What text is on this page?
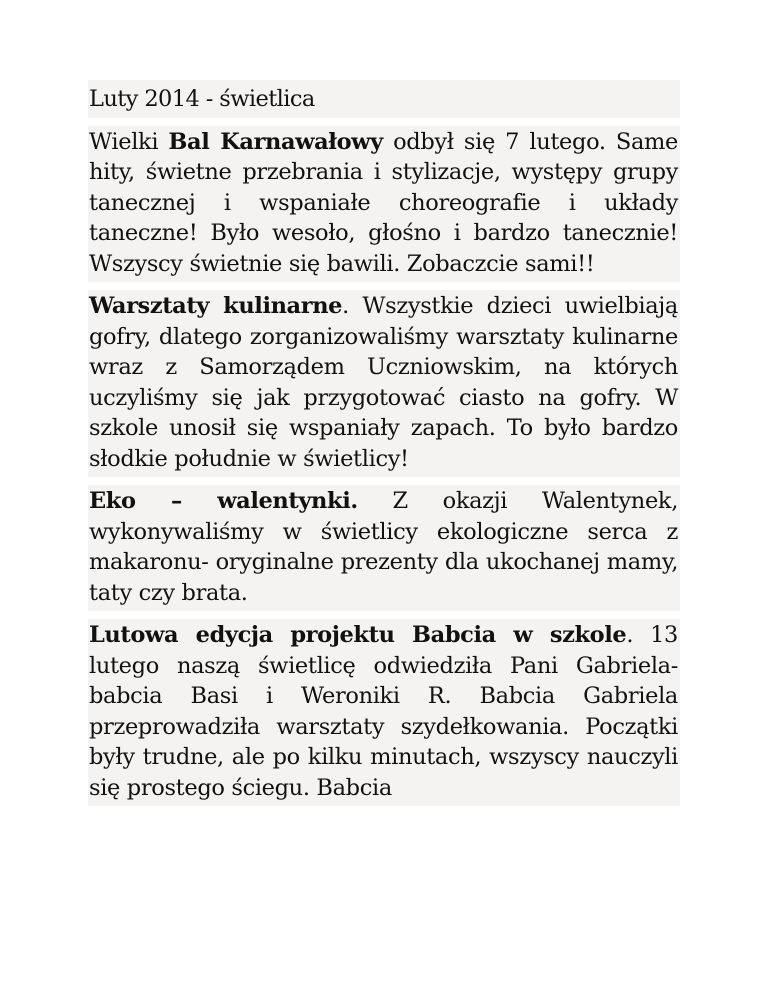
Luty 2014 - świetlica
Wielki Bal Karnawałowy odbył się 7 lutego. Same hity, świetne przebrania i stylizacje, występy grupy tanecznej i wspaniałe choreografie i układy taneczne! Było wesoło, głośno i bardzo tanecznie! Wszyscy świetnie się bawili. Zobaczcie sami!!
Warsztaty kulinarne. Wszystkie dzieci uwielbiają gofry, dlatego zorganizowaliśmy warsztaty kulinarne wraz z Samorządem Uczniowskim, na których uczyliśmy się jak przygotować ciasto na gofry. W szkole unosił się wspaniały zapach. To było bardzo słodkie południe w świetlicy!
Eko – walentynki. Z okazji Walentynek, wykonywaliśmy w świetlicy ekologiczne serca z makaronu- oryginalne prezenty dla ukochanej mamy, taty czy brata.
Lutowa edycja projektu Babcia w szkole. 13 lutego naszą świetlicę odwiedziła Pani Gabriela- babcia Basi i Weroniki R. Babcia Gabriela przeprowadziła warsztaty szydełkowania. Początki były trudne, ale po kilku minutach, wszyscy nauczyli się prostego ściegu. Babcia
